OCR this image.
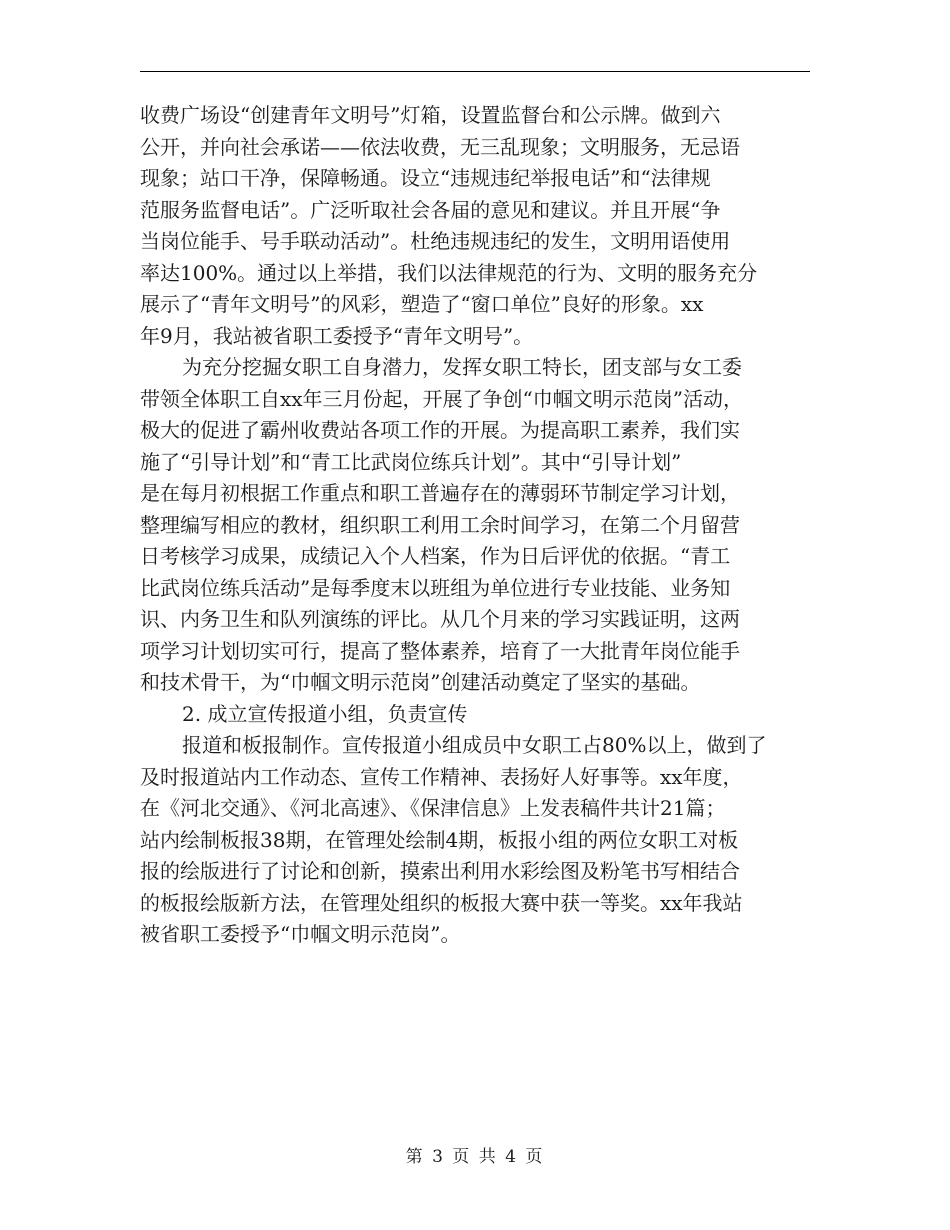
收费广场设“创建青年文明号”灯箱，设置监督台和公示牌。做到六
公开，并向社会承诺——依法收费，无三乱现象；文明服务，无忌语
现象；站口干净，保障畅通。设立“违规违纪举报电话”和“法律规
范服务监督电话”。广泛听取社会各届的意见和建议。并且开展“争
当岗位能手、号手联动活动”。杜绝违规违纪的发生，文明用语使用
率达100%。通过以上举措，我们以法律规范的行为、文明的服务充分
展示了“青年文明号”的风彩，塑造了“窗口单位”良好的形象。xx
年9月，我站被省职工委授予“青年文明号”。
为充分挖掘女职工自身潜力，发挥女职工特长，团支部与女工委
带领全体职工自xx年三月份起，开展了争创“巾帼文明示范岗”活动，
极大的促进了霸州收费站各项工作的开展。为提高职工素养，我们实
施了“引导计划”和“青工比武岗位练兵计划”。其中“引导计划”
是在每月初根据工作重点和职工普遍存在的薄弱环节制定学习计划，
整理编写相应的教材，组织职工利用工余时间学习，在第二个月留营
日考核学习成果，成绩记入个人档案，作为日后评优的依据。“青工
比武岗位练兵活动”是每季度末以班组为单位进行专业技能、业务知
识、内务卫生和队列演练的评比。从几个月来的学习实践证明，这两
项学习计划切实可行，提高了整体素养，培育了一大批青年岗位能手
和技术骨干，为“巾帼文明示范岗”创建活动奠定了坚实的基础。
2. 成立宣传报道小组，负责宣传
报道和板报制作。宣传报道小组成员中女职工占80%以上，做到了
及时报道站内工作动态、宣传工作精神、表扬好人好事等。xx年度，
在《河北交通》、《河北高速》、《保津信息》上发表稿件共计21篇；
站内绘制板报38期，在管理处绘制4期，板报小组的两位女职工对板
报的绘版进行了讨论和创新，摸索出利用水彩绘图及粉笔书写相结合
的板报绘版新方法，在管理处组织的板报大赛中获一等奖。xx年我站
被省职工委授予“巾帼文明示范岗”。
第 3 页 共 4 页
